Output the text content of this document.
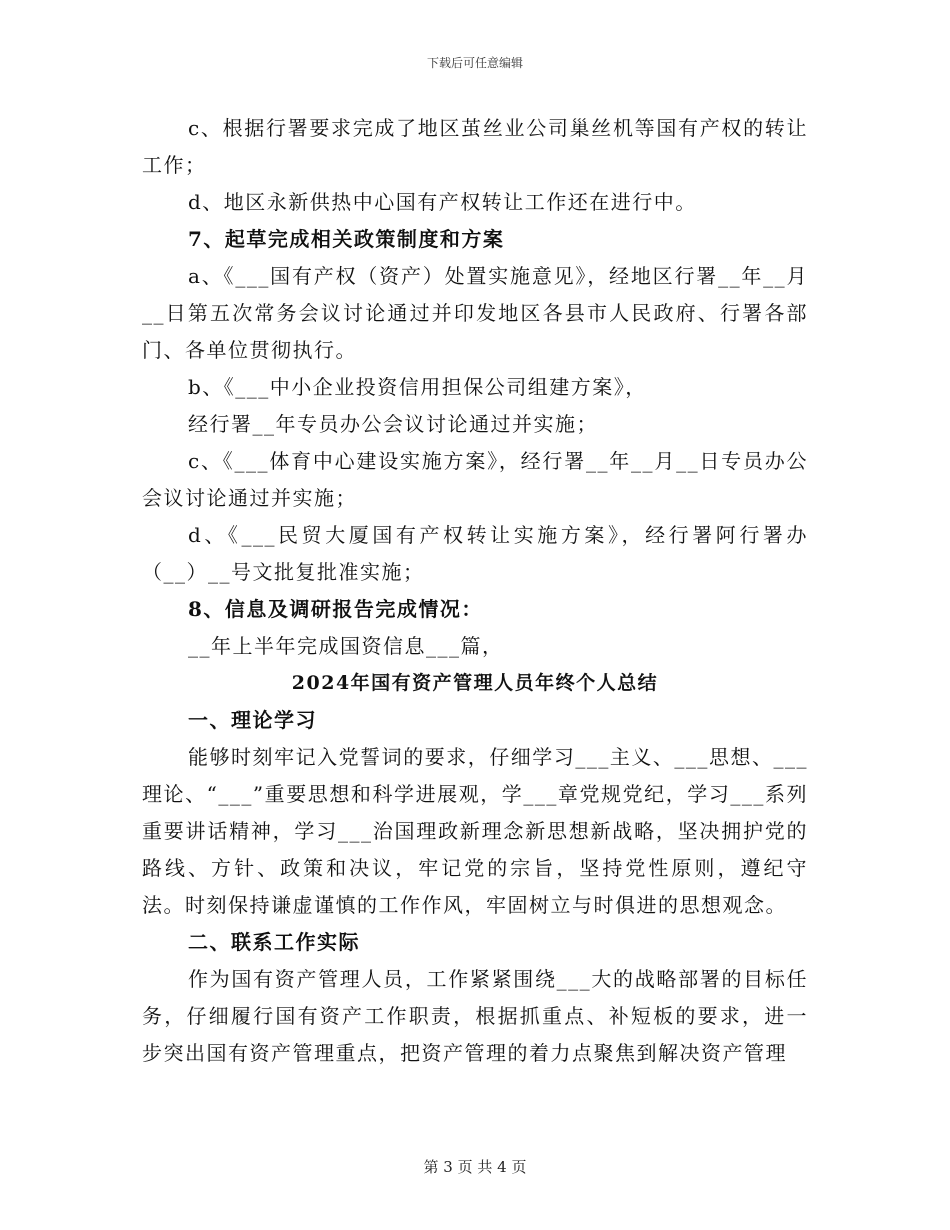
下载后可任意编辑

c、根据行署要求完成了地区茧丝业公司巢丝机等国有产权的转让工作；

d、地区永新供热中心国有产权转让工作还在进行中。

7、起草完成相关政策制度和方案

a、《___国有产权（资产）处置实施意见》，经地区行署__年__月__日第五次常务会议讨论通过并印发地区各县市人民政府、行署各部门、各单位贯彻执行。

b、《___中小企业投资信用担保公司组建方案》，

经行署__年专员办公会议讨论通过并实施；

c、《___体育中心建设实施方案》，经行署__年__月__日专员办公会议讨论通过并实施；

d、《___民贸大厦国有产权转让实施方案》，经行署阿行署办（__）__号文批复批准实施；

8、信息及调研报告完成情况：

__年上半年完成国资信息___篇，

2024年国有资产管理人员年终个人总结

一、理论学习

能够时刻牢记入党誓词的要求，仔细学习___主义、___思想、___理论、“___”重要思想和科学进展观，学___章党规党纪，学习___系列重要讲话精神，学习___治国理政新理念新思想新战略，坚决拥护党的路线、方针、政策和决议，牢记党的宗旨，坚持党性原则，遵纪守法。时刻保持谦虚谨慎的工作作风，牢固树立与时俱进的思想观念。

二、联系工作实际

作为国有资产管理人员，工作紧紧围绕___大的战略部署的目标任务，仔细履行国有资产工作职责，根据抓重点、补短板的要求，进一步突出国有资产管理重点，把资产管理的着力点聚焦到解决资产管理

第 3 页 共 4 页
